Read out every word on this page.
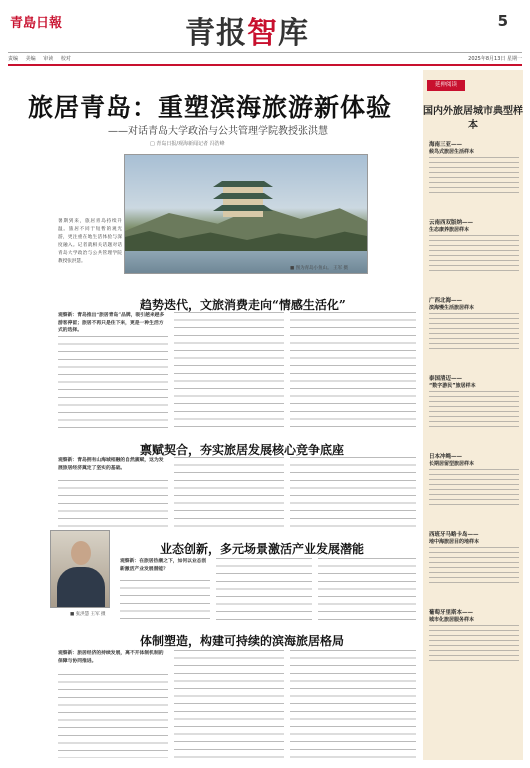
青島日報	青报智库	5
责编 美编 审读 校对	2025年8月13日 星期一
旅居青岛：重塑滨海旅游新体验
——对话青岛大学政治与公共管理学院教授张洪慧
□ 青岛日报/观海新闻记者 冯浩峰
暑期到来，旅居青岛持续升温。旅居不同于短暂的观光游，更注重在地生活体验与深度融入。记者就相关话题对话青岛大学政治与公共管理学院教授张洪慧。
■ 图为青岛小鱼山。 王军 摄
趋势迭代，文旅消费走向“情感生活化”
观察新：青岛推出“旅居青岛”品牌，吸引越来越多游客停留；旅居不再只是住下来，更是一种生活方式的选择。
禀赋契合，夯实旅居发展核心竞争底座
观察新：青岛拥有山海城相融的自然禀赋，这为发展旅居经济奠定了坚实的基础。
业态创新，多元场景激活产业发展潜能
观察新：在旅居热潮之下，如何以业态创新激活产业发展潜能？
■ 张洪慧 王军 摄
体制塑造，构建可持续的滨海旅居格局
观察新：旅居经济的持续发展，离不开体制机制的保障与协同推进。
延伸阅读
国内外旅居城市典型样本
海南三亚——
候鸟式旅居生活样本
云南西双版纳——
生态康养旅居样本
广西北海——
滨海慢生活旅居样本
泰国清迈——
“数字游民”旅居样本
日本冲绳——
长期居留型旅居样本
西班牙马略卡岛——
地中海旅居目的地样本
葡萄牙里斯本——
城市化旅居服务样本
